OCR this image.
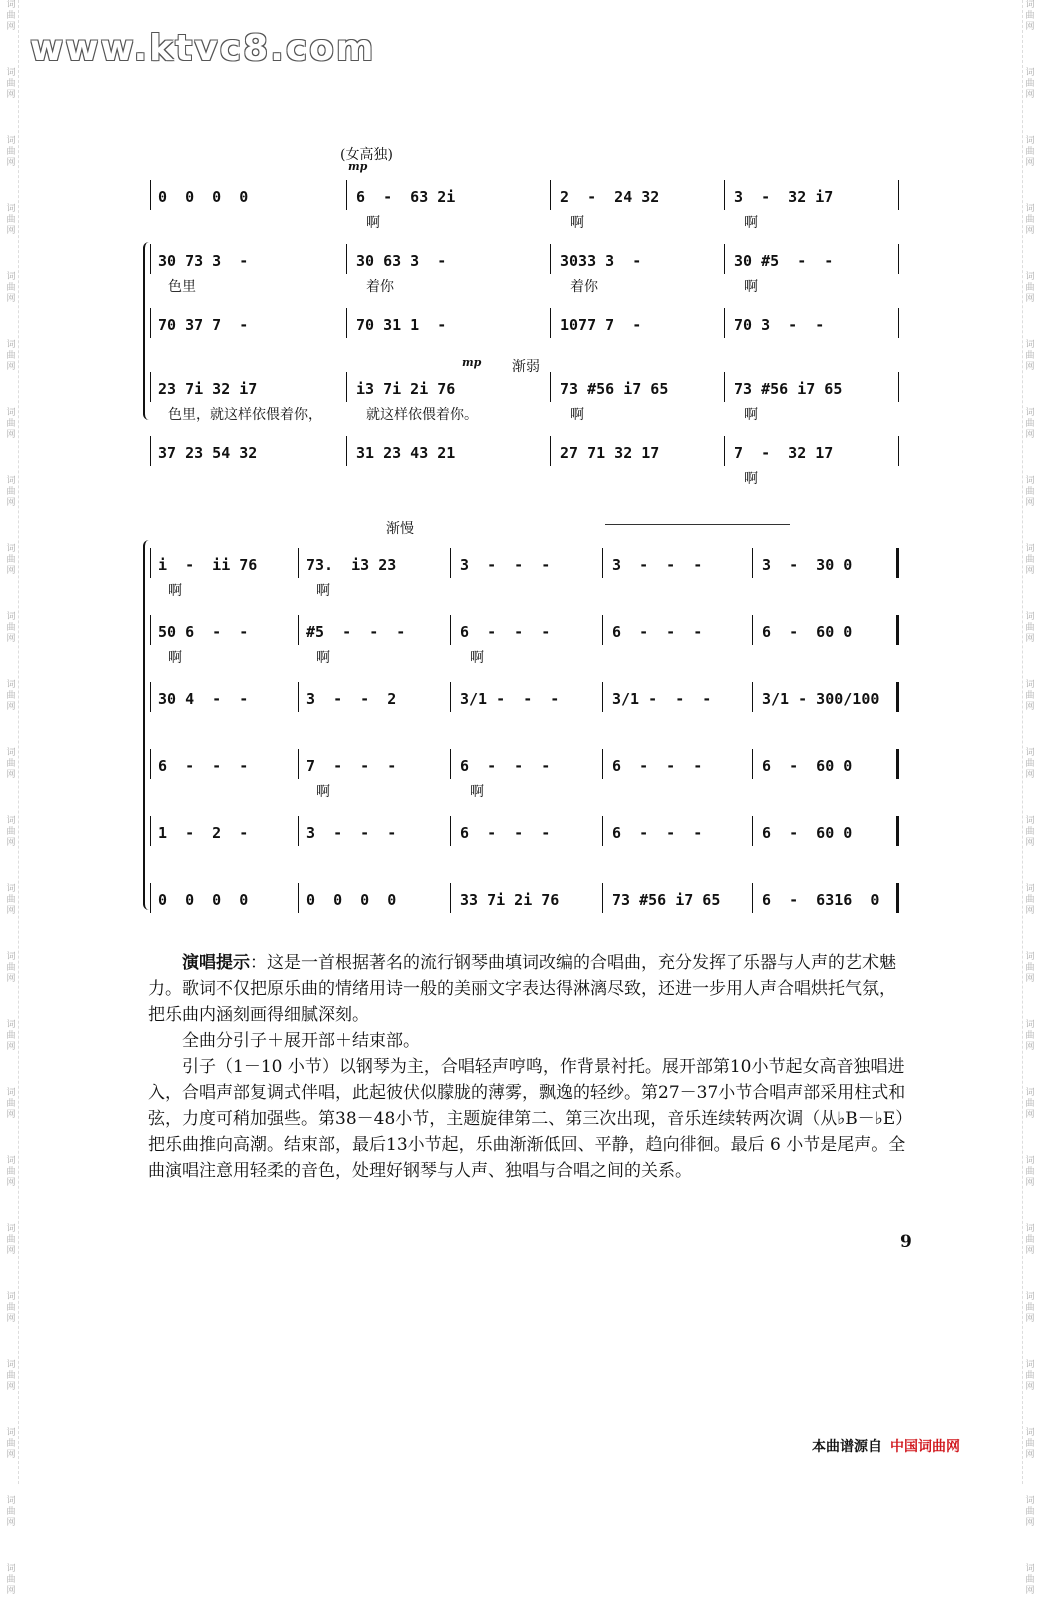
www.ktvc8.com
词曲网
词曲网
词曲网
词曲网
词曲网
词曲网
词曲网
词曲网
词曲网
词曲网
词曲网
词曲网
词曲网
词曲网
词曲网
词曲网
词曲网
词曲网
词曲网
词曲网
词曲网
词曲网
词曲网
词曲网
词曲网
词曲网
词曲网
词曲网
词曲网
词曲网
词曲网
词曲网
词曲网
词曲网
词曲网
词曲网
词曲网
词曲网
词曲网
词曲网
词曲网
词曲网
词曲网
词曲网
词曲网
词曲网
词曲网
词曲网
(女高独)
mp
mp 渐弱
0  0  0  0	6  -  63 2i	2  -  24 32	3  -  32 i7
啊	啊	啊
30 73 3  -	30 63 3  -	3033 3  -	30 #5  -  -
色里	着你	着你	啊
70 37 7  -	70 31 1  -	1077 7  -	70 3  -  -
23 7i 32 i7	i3 7i 2i 76	73 #56 i7 65	73 #56 i7 65
色里，就这样依偎着你，	就这样依偎着你。	啊	啊
37 23 54 32	31 23 43 21	27 71 32 17	7  -  32 17
啊
渐慢
i  -  ii 76	73.  i3 23	3  -  -  -	3  -  -  -	3  -  30 0
啊	啊
50 6  -  -	#5  -  -  -	6  -  -  -	6  -  -  -	6  -  60 0
啊	啊	啊
30 4  -  -	3  -  -  2	3/1 -  -  -	3/1 -  -  -	3/1 - 300/100
6  -  -  -	7  -  -  -	6  -  -  -	6  -  -  -	6  -  60 0
啊	啊
1  -  2  -	3  -  -  -	6  -  -  -	6  -  -  -	6  -  60 0
0  0  0  0	0  0  0  0	33 7i 2i 76	73 #56 i7 65	6  -  6316  0

演唱提示：这是一首根据著名的流行钢琴曲填词改编的合唱曲，充分发挥了乐器与人声的艺术魅力。歌词不仅把原乐曲的情绪用诗一般的美丽文字表达得淋漓尽致，还进一步用人声合唱烘托气氛，把乐曲内涵刻画得细腻深刻。

全曲分引子＋展开部＋结束部。

引子（1－10 小节）以钢琴为主，合唱轻声哼鸣，作背景衬托。展开部第10小节起女高音独唱进入，合唱声部复调式伴唱，此起彼伏似朦胧的薄雾，飘逸的轻纱。第27－37小节合唱声部采用柱式和弦，力度可稍加强些。第38－48小节，主题旋律第二、第三次出现，音乐连续转两次调（从♭B－♭E）把乐曲推向高潮。结束部，最后13小节起，乐曲渐渐低回、平静，趋向徘徊。最后 6 小节是尾声。全曲演唱注意用轻柔的音色，处理好钢琴与人声、独唱与合唱之间的关系。

9
本曲谱源自 中国词曲网
